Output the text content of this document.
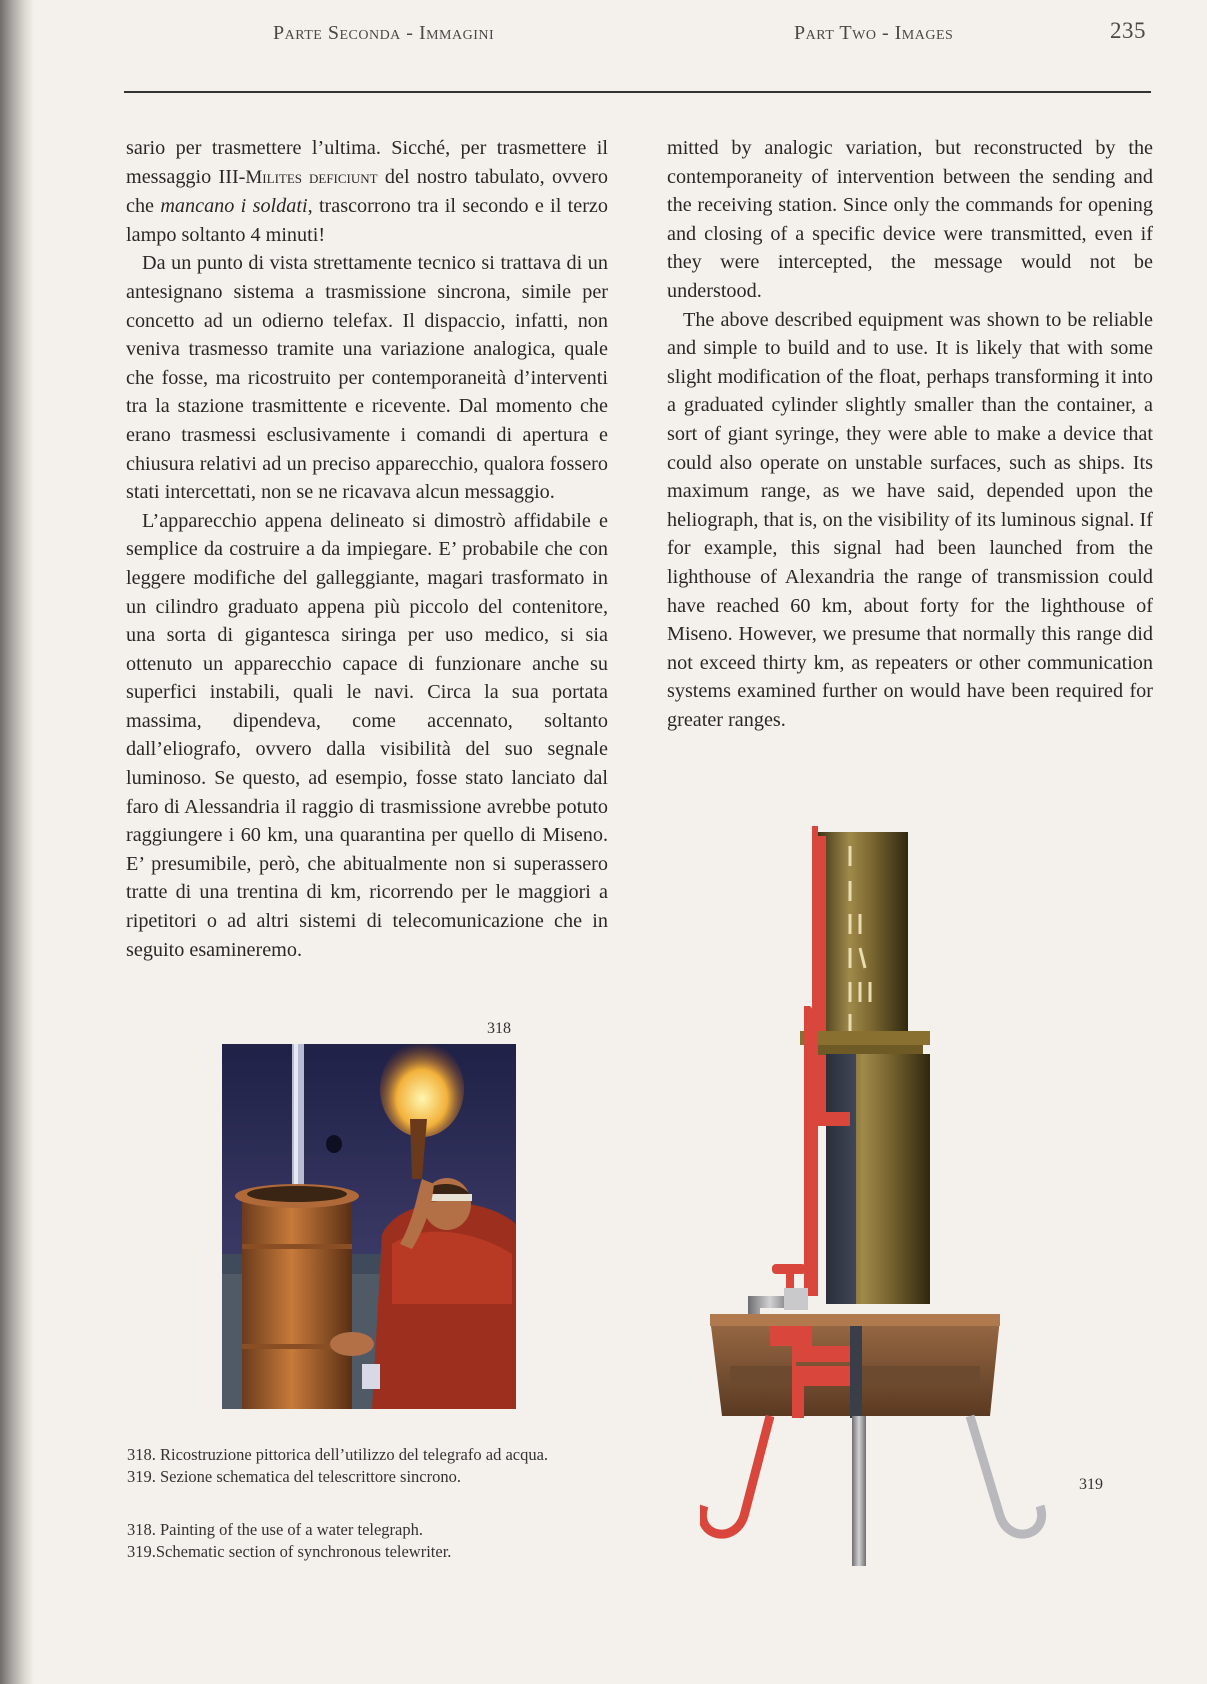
Parte Seconda - Immagini	Part Two - Images	235

sario per trasmettere l’ultima. Sicché, per trasmettere il messaggio III-Milites deficiunt del nostro tabulato, ovvero che mancano i soldati, trascorrono tra il secondo e il terzo lampo soltanto 4 minuti!

Da un punto di vista strettamente tecnico si trattava di un antesignano sistema a trasmissione sincrona, simile per concetto ad un odierno telefax. Il dispaccio, infatti, non veniva trasmesso tramite una variazione analogica, quale che fosse, ma ricostruito per contemporaneità d’interventi tra la stazione trasmittente e ricevente. Dal momento che erano trasmessi esclusivamente i comandi di apertura e chiusura relativi ad un preciso apparecchio, qualora fossero stati intercettati, non se ne ricavava alcun messaggio.

L’apparecchio appena delineato si dimostrò affidabile e semplice da costruire a da impiegare. E’ probabile che con leggere modifiche del galleggiante, magari trasformato in un cilindro graduato appena più piccolo del contenitore, una sorta di gigantesca siringa per uso medico, si sia ottenuto un apparecchio capace di funzionare anche su superfici instabili, quali le navi. Circa la sua portata massima, dipendeva, come accennato, soltanto dall’eliografo, ovvero dalla visibilità del suo segnale luminoso. Se questo, ad esempio, fosse stato lanciato dal faro di Alessandria il raggio di trasmissione avrebbe potuto raggiungere i 60 km, una quarantina per quello di Miseno. E’ presumibile, però, che abitualmente non si superassero tratte di una trentina di km, ricorrendo per le maggiori a ripetitori o ad altri sistemi di telecomunicazione che in seguito esamineremo.

mitted by analogic variation, but reconstructed by the contemporaneity of intervention between the sending and the receiving station. Since only the commands for opening and closing of a specific device were transmitted, even if they were intercepted, the message would not be understood.

The above described equipment was shown to be reliable and simple to build and to use. It is likely that with some slight modification of the float, perhaps transforming it into a graduated cylinder slightly smaller than the container, a sort of giant syringe, they were able to make a device that could also operate on unstable surfaces, such as ships. Its maximum range, as we have said, depended upon the heliograph, that is, on the visibility of its luminous signal. If for example, this signal had been launched from the lighthouse of Alexandria the range of transmission could have reached 60 km, about forty for the lighthouse of Miseno. However, we presume that normally this range did not exceed thirty km, as repeaters or other communication systems examined further on would have been required for greater ranges.

318
319
318. Ricostruzione pittorica dell’utilizzo del telegrafo ad acqua.
319. Sezione schematica del telescrittore sincrono.
318. Painting of the use of a water telegraph.
319.Schematic section of synchronous telewriter.
